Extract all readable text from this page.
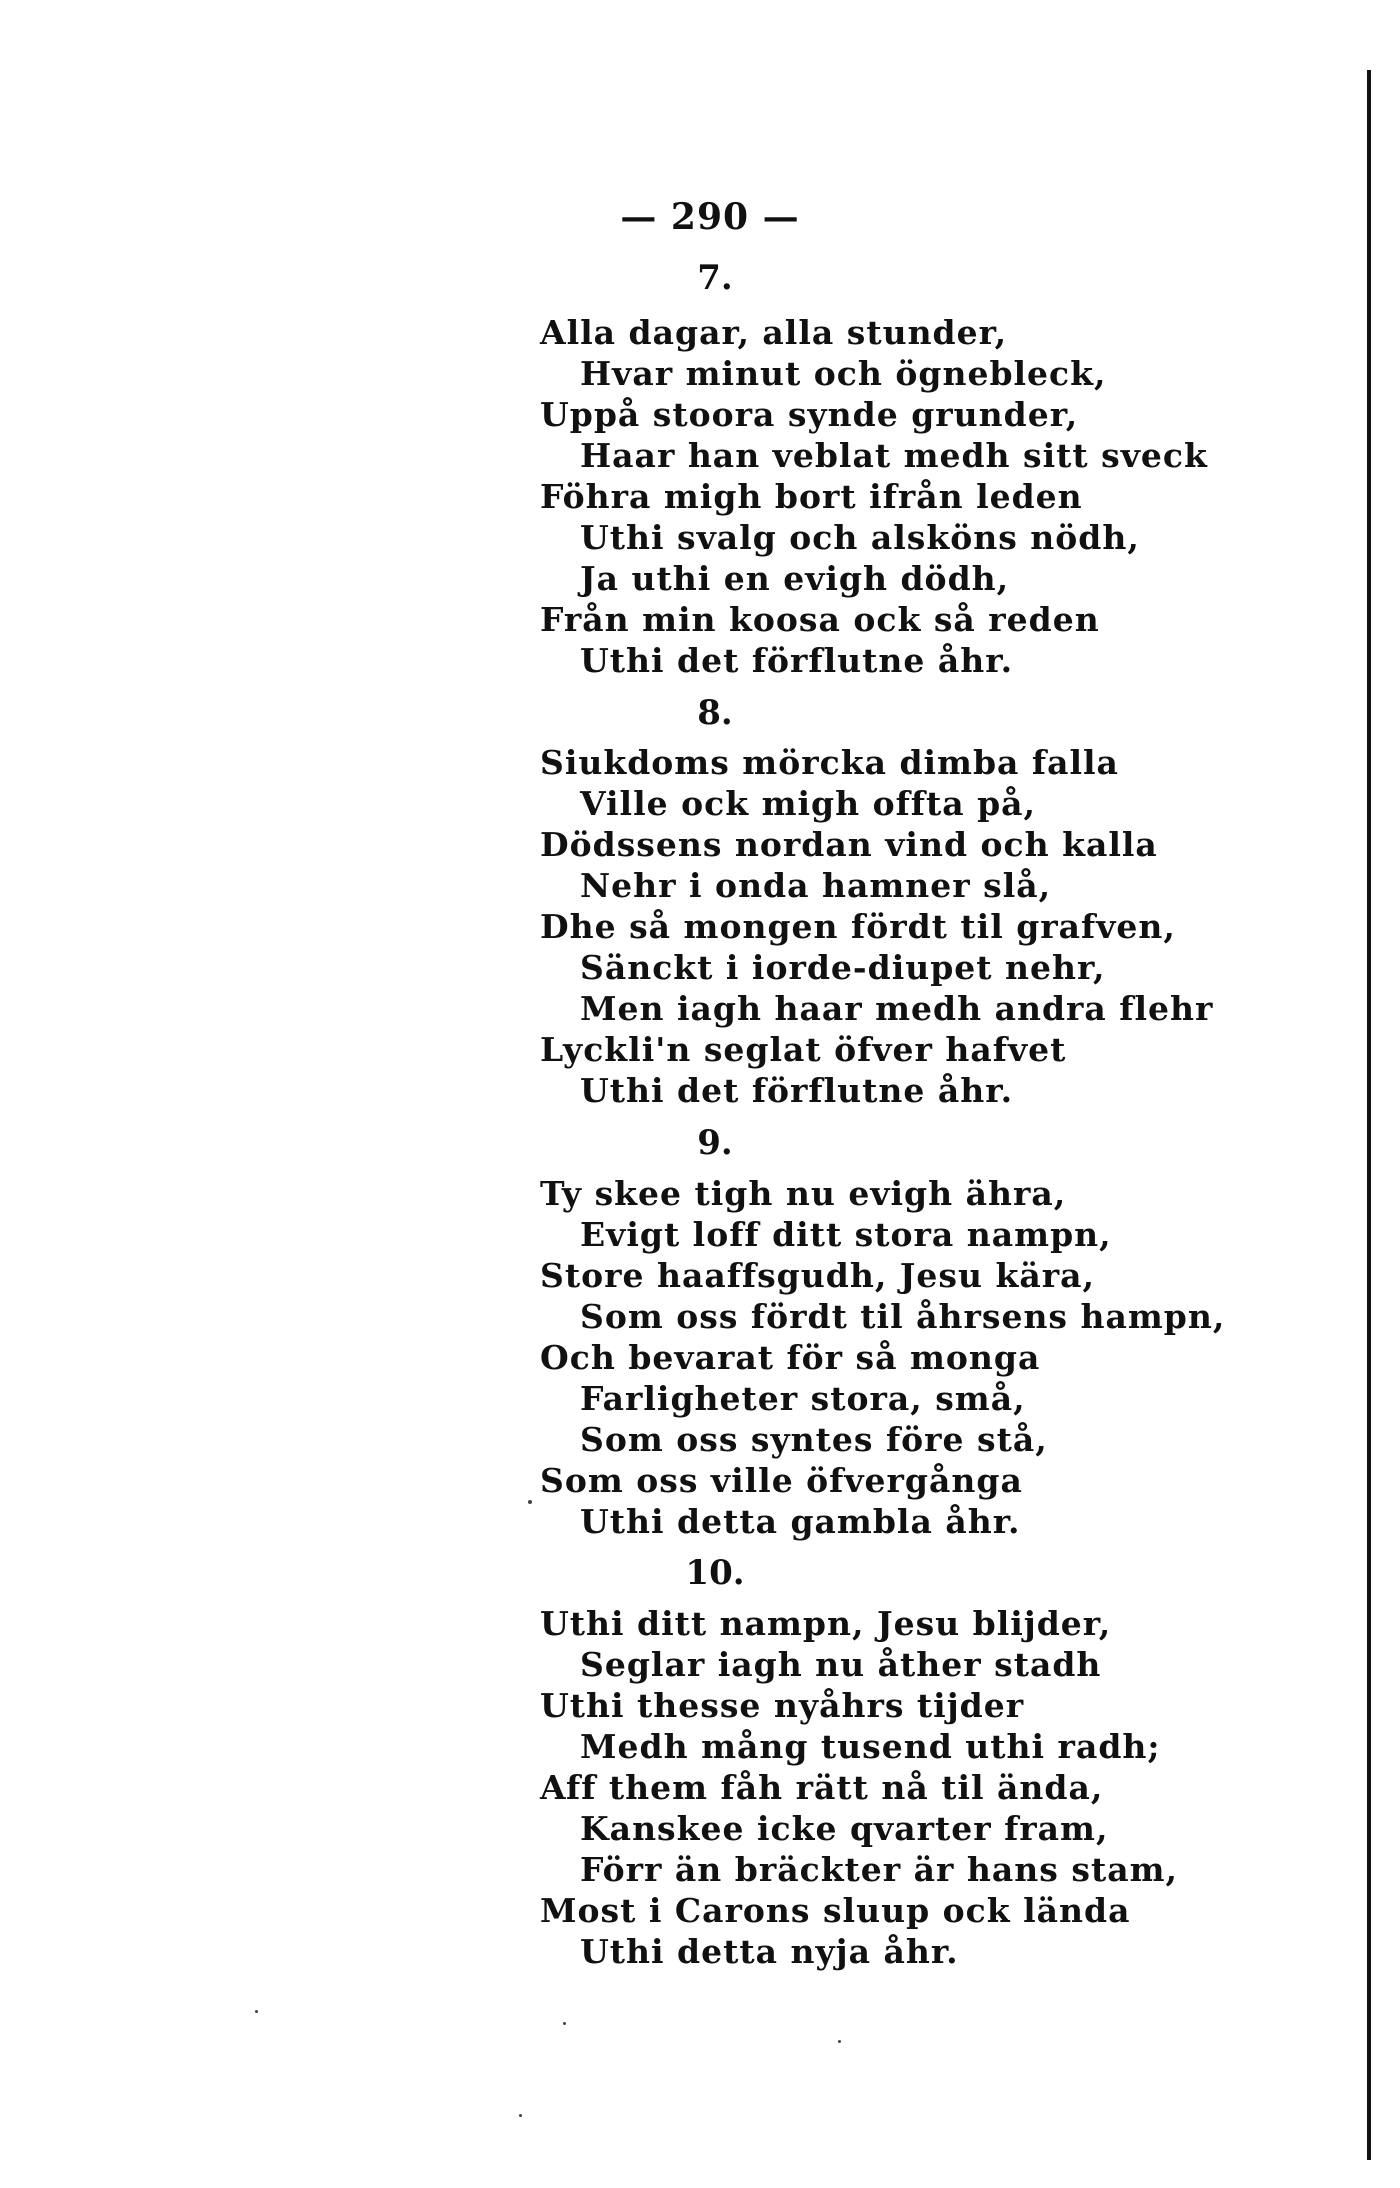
— 290 —
7.
Alla dagar, alla stunder,
Hvar minut och ögnebleck,
Uppå stoora synde grunder,
Haar han veblat medh sitt sveck
Föhra migh bort ifrån leden
Uthi svalg och alsköns nödh,
Ja uthi en evigh dödh,
Från min koosa ock så reden
Uthi det förflutne åhr.
8.
Siukdoms mörcka dimba falla
Ville ock migh offta på,
Dödssens nordan vind och kalla
Nehr i onda hamner slå,
Dhe så mongen fördt til grafven,
Sänckt i iorde-diupet nehr,
Men iagh haar medh andra flehr
Lyckli'n seglat öfver hafvet
Uthi det förflutne åhr.
9.
Ty skee tigh nu evigh ähra,
Evigt loff ditt stora nampn,
Store haaffsgudh, Jesu kära,
Som oss fördt til åhrsens hampn,
Och bevarat för så monga
Farligheter stora, små,
Som oss syntes före stå,
Som oss ville öfvergånga
Uthi detta gambla åhr.
10.
Uthi ditt nampn, Jesu blijder,
Seglar iagh nu åther stadh
Uthi thesse nyåhrs tijder
Medh mång tusend uthi radh;
Aff them fåh rätt nå til ända,
Kanskee icke qvarter fram,
Förr än bräckter är hans stam,
Most i Carons sluup ock lända
Uthi detta nyja åhr.
